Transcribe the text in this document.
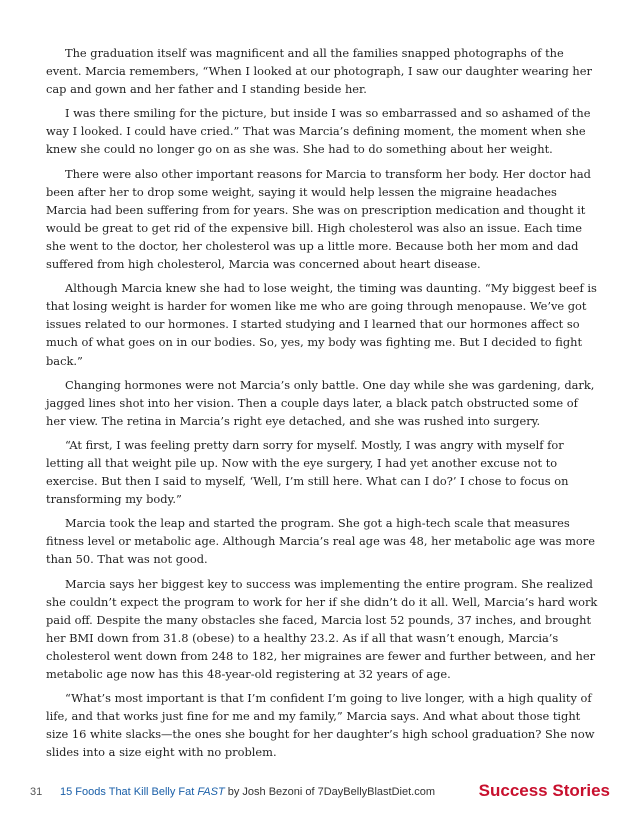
The graduation itself was magnificent and all the families snapped photographs of the event. Marcia remembers, “When I looked at our photograph, I saw our daughter wearing her cap and gown and her father and I standing beside her.

I was there smiling for the picture, but inside I was so embarrassed and so ashamed of the way I looked. I could have cried.” That was Marcia’s defining moment, the moment when she knew she could no longer go on as she was. She had to do something about her weight.

There were also other important reasons for Marcia to transform her body. Her doctor had been after her to drop some weight, saying it would help lessen the migraine headaches Marcia had been suffering from for years. She was on prescription medication and thought it would be great to get rid of the expensive bill. High cholesterol was also an issue. Each time she went to the doctor, her cholesterol was up a little more. Because both her mom and dad suffered from high cholesterol, Marcia was concerned about heart disease.

Although Marcia knew she had to lose weight, the timing was daunting. “My biggest beef is that losing weight is harder for women like me who are going through menopause. We’ve got issues related to our hormones. I started studying and I learned that our hormones affect so much of what goes on in our bodies. So, yes, my body was fighting me. But I decided to fight back.”

Changing hormones were not Marcia’s only battle. One day while she was gardening, dark, jagged lines shot into her vision. Then a couple days later, a black patch obstructed some of her view. The retina in Marcia’s right eye detached, and she was rushed into surgery.

“At first, I was feeling pretty darn sorry for myself. Mostly, I was angry with myself for letting all that weight pile up. Now with the eye surgery, I had yet another excuse not to exercise. But then I said to myself, ‘Well, I’m still here. What can I do?’ I chose to focus on transforming my body.”

Marcia took the leap and started the program. She got a high-tech scale that measures fitness level or metabolic age. Although Marcia’s real age was 48, her metabolic age was more than 50. That was not good.

Marcia says her biggest key to success was implementing the entire program. She realized she couldn’t expect the program to work for her if she didn’t do it all. Well, Marcia’s hard work paid off. Despite the many obstacles she faced, Marcia lost 52 pounds, 37 inches, and brought her BMI down from 31.8 (obese) to a healthy 23.2. As if all that wasn’t enough, Marcia’s cholesterol went down from 248 to 182, her migraines are fewer and further between, and her metabolic age now has this 48-year-old registering at 32 years of age.

“What’s most important is that I’m confident I’m going to live longer, with a high quality of life, and that works just fine for me and my family,” Marcia says. And what about those tight size 16 white slacks—the ones she bought for her daughter’s high school graduation? She now slides into a size eight with no problem.

31 15 Foods That Kill Belly Fat FAST by Josh Bezoni of 7DayBellyBlastDiet.com	Success Stories
